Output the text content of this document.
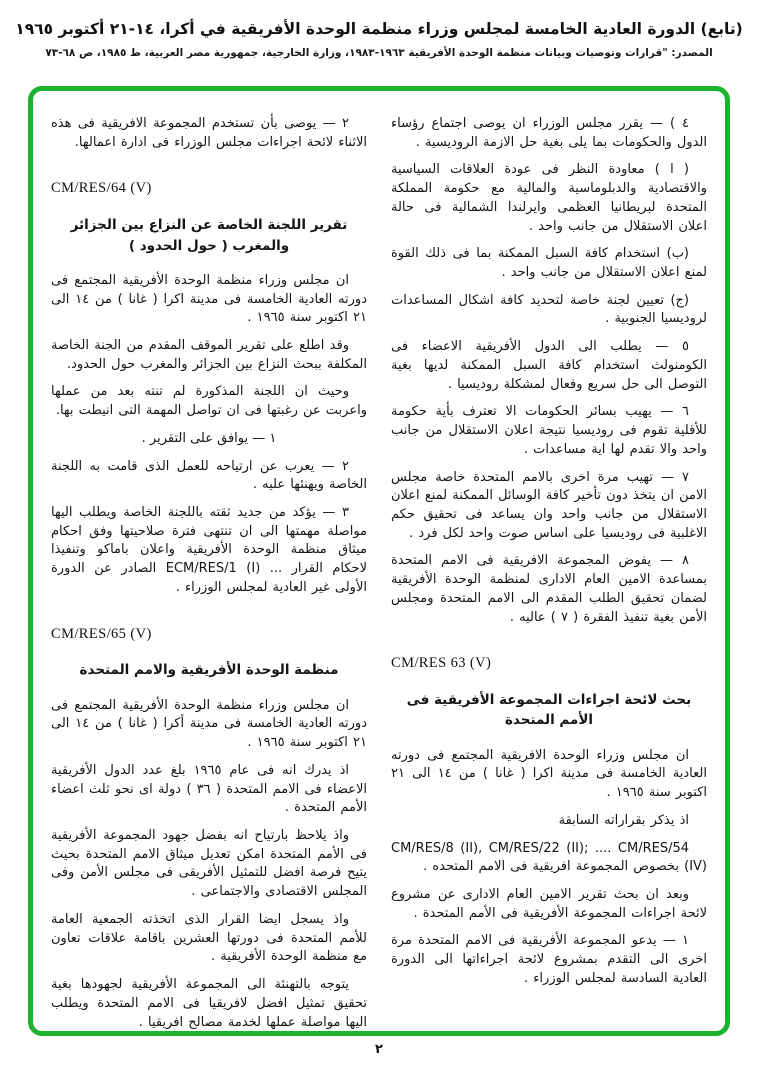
(تابع) الدورة العادية الخامسة لمجلس وزراء منظمة الوحدة الأفريقية في أكرا، ١٤-٢١ أكتوبر ١٩٦٥
المصدر: "قرارات وتوصيات وبيانات منظمة الوحدة الأفريقية ١٩٦٣-١٩٨٣، وزارة الخارجية، جمهورية مصر العربية، ط ١٩٨٥، ص ٦٨-٧٣

٤ ) — يقرر مجلس الوزراء ان يوصى اجتماع رؤساء الدول والحكومات بما يلى بغية حل الازمة الروديسية .

( ا ) معاودة النظر فى عودة العلاقات السياسية والاقتصادية والدبلوماسية والمالية مع حكومة المملكة المتحدة لبريطانيا العظمى وايرلندا الشمالية فى حالة اعلان الاستقلال من جانب واحد .

(ب) استخدام كافة السبل الممكنة بما فى ذلك القوة لمنع اعلان الاستقلال من جانب واحد .

(ج) تعيين لجنة خاصة لتحديد كافة اشكال المساعدات لروديسيا الجنوبية .

٥ — يطلب الى الدول الأفريقية الاعضاء فى الكومنولث استخدام كافة السبل الممكنة لديها بغية التوصل الى حل سريع وفعال لمشكلة روديسيا .

٦ — يهيب بسائر الحكومات الا تعترف بأية حكومة للأقلية تقوم فى روديسيا نتيجة اعلان الاستقلال من جانب واحد والا تقدم لها اية مساعدات .

٧ — تهيب مرة اخرى بالامم المتحدة خاصة مجلس الامن ان يتخذ دون تأخير كافة الوسائل الممكنة لمنع اعلان الاستقلال من جانب واحد وان يساعد فى تحقيق حكم الاغلبية فى روديسيا على اساس صوت واحد لكل فرد .

٨ — يفوض المجموعة الافريقية فى الامم المتحدة بمساعدة الامين العام الادارى لمنظمة الوحدة الأفريقية لضمان تحقيق الطلب المقدم الى الامم المتحدة ومجلس الأمن بغية تنفيذ الفقرة ( ٧ ) عاليه .

CM/RES 63 (V)

بحث لائحة اجراءات المجموعة الأفريقية فى الأمم المتحدة

ان مجلس وزراء الوحدة الافريقية المجتمع فى دورته العادية الخامسة فى مدينة اكرا ( غانا ) من ١٤ الى ٢١ اكتوبر سنة ١٩٦٥ .

اذ يذكر بقراراته السابقة

CM/RES/8 (II), CM/RES/22 (II); .... CM/RES/54 (IV) بخصوص المجموعة افريقية فى الامم المتحده .

وبعد ان بحث تقرير الامين العام الادارى عن مشروع لائحة اجراءات المجموعة الأفريقية فى الأمم المتحدة .

١ — يدعو المجموعة الأفريقية فى الامم المتحدة مرة اخرى الى التقدم بمشروع لائحة اجراءاتها الى الدورة العادية السادسة لمجلس الوزراء .

٢ — يوصى بأن تستخدم المجموعة الافريقية فى هذه الاثناء لائحة اجراءات مجلس الوزراء فى ادارة اعمالها.

CM/RES/64 (V)

تقرير اللجنة الخاصة عن النزاع بين الجزائر والمغرب ( حول الحدود )

ان مجلس وزراء منظمة الوحدة الأفريقية المجتمع فى دورته العادية الخامسة فى مدينة اكرا ( غانا ) من ١٤ الى ٢١ اكتوبر سنة ١٩٦٥ .

وقد اطلع على تقرير الموقف المقدم من الجنة الخاصة المكلفة ببحث النزاع بين الجزائر والمغرب حول الحدود.

وحيث ان اللجنة المذكورة لم تنته بعد من عملها واعربت عن رغبتها فى ان تواصل المهمة التى انيطت بها.

١ — يوافق على التقرير .

٢ — يعرب عن ارتياحه للعمل الذى قامت به اللجنة الخاصة ويهنئها عليه .

٣ — يؤكد من جديد ثقته باللجنة الخاصة ويطلب اليها مواصلة مهمتها الى ان تنتهى فترة صلاحيتها وفق احكام ميثاق منظمة الوحدة الأفريقية واعلان باماكو وتنفيذا لاحكام القرار ... ECM/RES/1 (I) الصادر عن الدورة الأولى غير العادية لمجلس الوزراء .

CM/RES/65 (V)

منظمة الوحدة الأفريقية والامم المتحدة

ان مجلس وزراء منظمة الوحدة الأفريقية المجتمع فى دورته العادية الخامسة فى مدينة أكرا ( غانا ) من ١٤ الى ٢١ اكتوبر سنة ١٩٦٥ .

اذ يدرك انه فى عام ١٩٦٥ بلغ عدد الدول الأفريقية الاعضاء فى الامم المتحدة ( ٣٦ ) دولة اى نحو ثلث اعضاء الأمم المتحدة .

واذ يلاحظ بارتياح انه بفضل جهود المجموعة الأفريقية فى الأمم المتحدة امكن تعديل ميثاق الامم المتحدة بحيث يتيح فرصة افضل للتمثيل الأفريقى فى مجلس الأمن وفى المجلس الاقتصادى والاجتماعى .

واذ يسجل ايضا القرار الذى اتخذته الجمعية العامة للأمم المتحدة فى دورتها العشرين باقامة علاقات تعاون مع منظمة الوحدة الأفريقية .

يتوجه بالتهنئة الى المجموعة الأفريقية لجهودها بغية تحقيق تمثيل افضل لافريقيا فى الامم المتحدة ويطلب اليها مواصلة عملها لخدمة مصالح افريقيا .

٢
